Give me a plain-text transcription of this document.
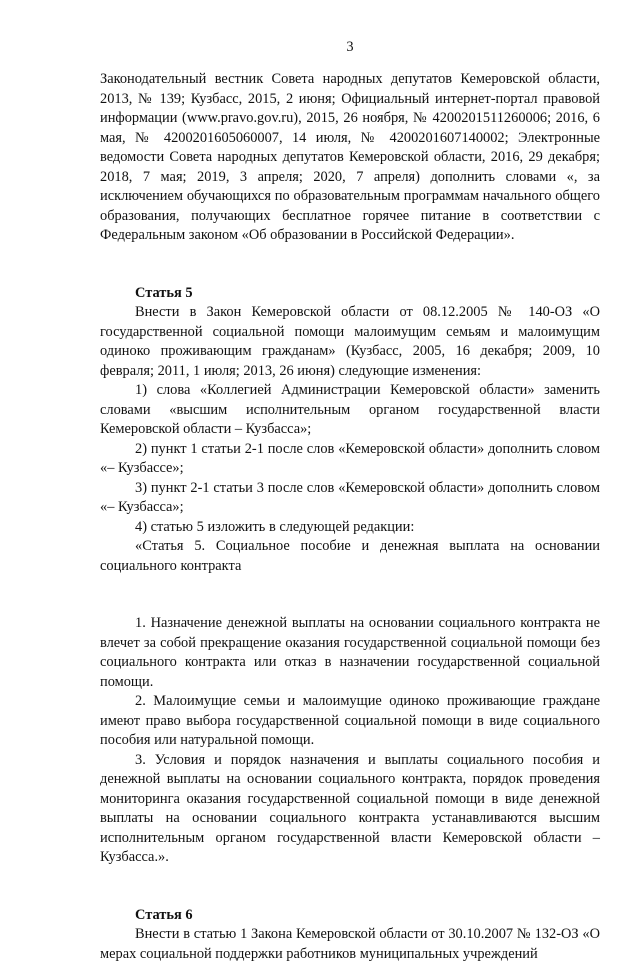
3

Законодательный вестник Совета народных депутатов Кемеровской области, 2013, № 139; Кузбасс, 2015, 2 июня; Официальный интернет-портал правовой информации (www.pravo.gov.ru), 2015, 26 ноября, № 4200201511260006; 2016, 6 мая, № 4200201605060007, 14 июля, № 4200201607140002; Электронные ведомости Совета народных депутатов Кемеровской области, 2016, 29 декабря; 2018, 7 мая; 2019, 3 апреля; 2020, 7 апреля) дополнить словами «, за исключением обучающихся по образовательным программам начального общего образования, получающих бесплатное горячее питание в соответствии с Федеральным законом «Об образовании в Российской Федерации».

Статья 5

Внести в Закон Кемеровской области от 08.12.2005 № 140-ОЗ «О государственной социальной помощи малоимущим семьям и малоимущим одиноко проживающим гражданам» (Кузбасс, 2005, 16 декабря; 2009, 10 февраля; 2011, 1 июля; 2013, 26 июня) следующие изменения:

1) слова «Коллегией Администрации Кемеровской области» заменить словами «высшим исполнительным органом государственной власти Кемеровской области – Кузбасса»;

2) пункт 1 статьи 2-1 после слов «Кемеровской области» дополнить словом «– Кузбассе»;

3) пункт 2-1 статьи 3 после слов «Кемеровской области» дополнить словом «– Кузбасса»;

4) статью 5 изложить в следующей редакции:

«Статья 5. Социальное пособие и денежная выплата на основании социального контракта

1. Назначение денежной выплаты на основании социального контракта не влечет за собой прекращение оказания государственной социальной помощи без социального контракта или отказ в назначении государственной социальной помощи.

2. Малоимущие семьи и малоимущие одиноко проживающие граждане имеют право выбора государственной социальной помощи в виде социального пособия или натуральной помощи.

3. Условия и порядок назначения и выплаты социального пособия и денежной выплаты на основании социального контракта, порядок проведения мониторинга оказания государственной социальной помощи в виде денежной выплаты на основании социального контракта устанавливаются высшим исполнительным органом государственной власти Кемеровской области – Кузбасса.».

Статья 6

Внести в статью 1 Закона Кемеровской области от 30.10.2007 № 132-ОЗ «О мерах социальной поддержки работников муниципальных учреждений
